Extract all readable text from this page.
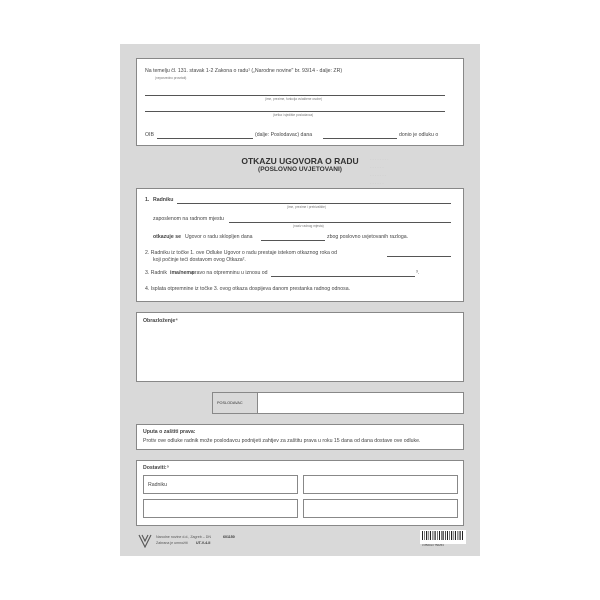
- - - - - - - -
- - - - - -
- - - - - - -
- - - - - -
Na temelju čl. 131. stavak 1-2 Zakona o radu¹ („Narodne novine" br. 93/14 - dalje: ZR)
(neposredno prosrtati)
(ime, prezime, funkcija ovlaštene osobe)
(tvrtka i sjedište poslodavca)
OIB	(dalje: Poslodavac) dana	donio je odluku o
OTKAZU UGOVORA O RADU
(POSLOVNO UVJETOVANI)
1. Radniku
(ime, prezime i prebivalište)
zaposlenom na radnom mjestu
(naziv radnog mjesta)
otkazuje se Ugovor o radu sklopljen dana	zbog poslovno uvjetovanih razloga.
2. Radniku iz točke 1. ove Odluke Ugovor o radu prestaje istekom otkaznog roka od
koji počinje teći dostavom ovog Otkaza².
3. Radnik ima/nema
pravo na otpremninu u iznosu od	³.
4. Isplata otpremnine iz točke 3. ovog otkaza dospijeva danom prestanka radnog odnosa.
Obrazloženje⁴
POSLODAVAC
Uputa o zaštiti prava:
Protiv ove odluke radnik može poslodavcu podnijeti zahtjev za zaštitu prava u roku 15 dana od dana dostave ove odluke.
Dostaviti:⁵
Radniku
Narodne novine d.d., Zagreb – DN	601150
Zabrana je umnožiti UT-V-4-II	3 856013 756253
